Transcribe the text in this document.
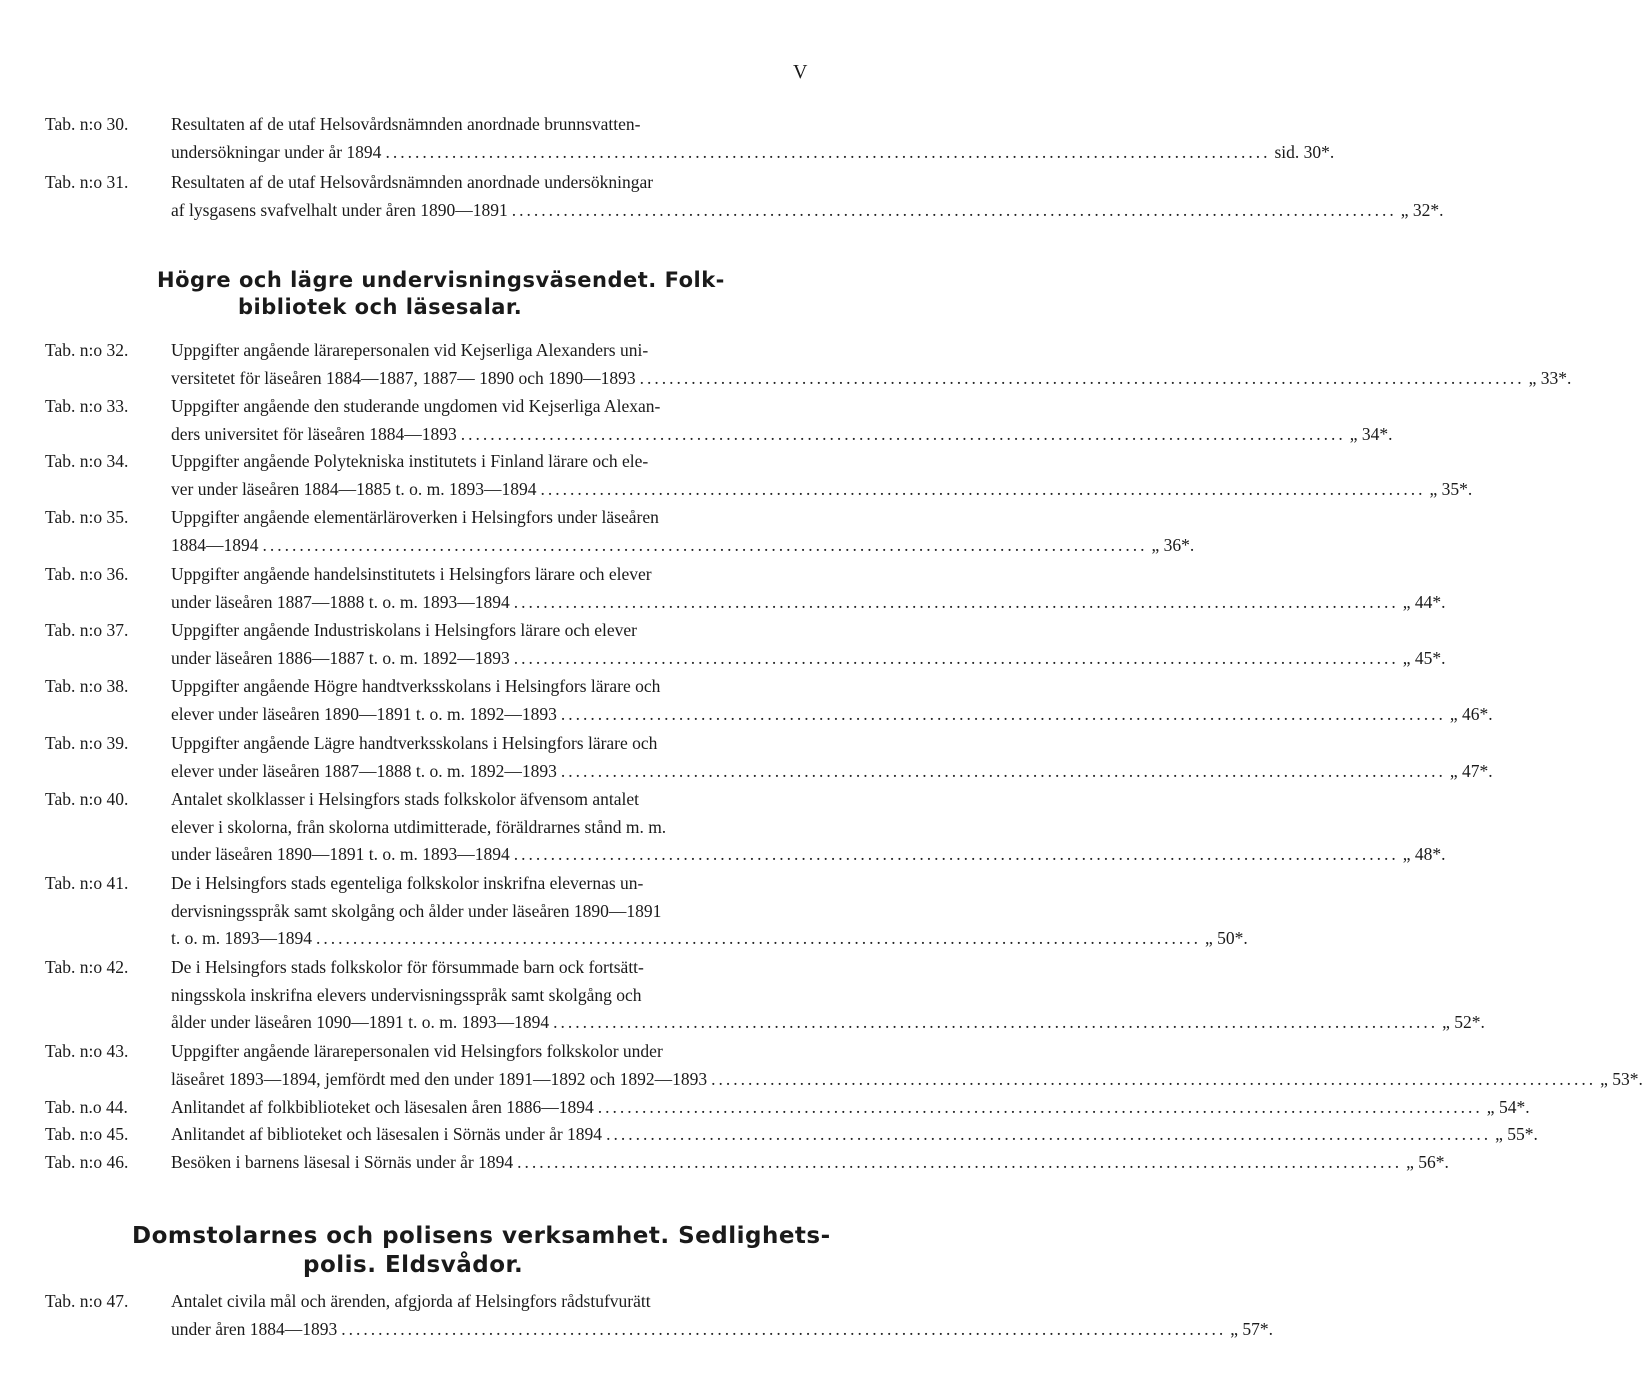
V
Högre och lägre undervisningsväsendet. Folk-
bibliotek och läsesalar.
Domstolarnes och polisens verksamhet. Sedlighets-
polis. Eldsvådor.
Tab. n:o 30. Resultaten af de utaf Helsovårdsnämnden anordnade brunnsvatten-
undersökningar under år 1894 ........................................................................................................................ sid. 30*.
Tab. n:o 31. Resultaten af de utaf Helsovårdsnämnden anordnade undersökningar
af lysgasens svafvelhalt under åren 1890—1891 ........................................................................................................................ „ 32*.
Tab. n:o 32. Uppgifter angående lärarepersonalen vid Kejserliga Alexanders uni-
versitetet för läseåren 1884—1887, 1887— 1890 och 1890—1893 ........................................................................................................................ „ 33*.
Tab. n:o 33. Uppgifter angående den studerande ungdomen vid Kejserliga Alexan-
ders universitet för läseåren 1884—1893 ........................................................................................................................ „ 34*.
Tab. n:o 34. Uppgifter angående Polytekniska institutets i Finland lärare och ele-
ver under läseåren 1884—1885 t. o. m. 1893—1894 ........................................................................................................................ „ 35*.
Tab. n:o 35. Uppgifter angående elementärläroverken i Helsingfors under läseåren
1884—1894 ........................................................................................................................ „ 36*.
Tab. n:o 36. Uppgifter angående handelsinstitutets i Helsingfors lärare och elever
under läseåren 1887—1888 t. o. m. 1893—1894 ........................................................................................................................ „ 44*.
Tab. n:o 37. Uppgifter angående Industriskolans i Helsingfors lärare och elever
under läseåren 1886—1887 t. o. m. 1892—1893 ........................................................................................................................ „ 45*.
Tab. n:o 38. Uppgifter angående Högre handtverksskolans i Helsingfors lärare och
elever under läseåren 1890—1891 t. o. m. 1892—1893 ........................................................................................................................ „ 46*.
Tab. n:o 39. Uppgifter angående Lägre handtverksskolans i Helsingfors lärare och
elever under läseåren 1887—1888 t. o. m. 1892—1893 ........................................................................................................................ „ 47*.
Tab. n:o 40. Antalet skolklasser i Helsingfors stads folkskolor äfvensom antalet
elever i skolorna, från skolorna utdimitterade, föräldrarnes stånd m. m.
under läseåren 1890—1891 t. o. m. 1893—1894 ........................................................................................................................ „ 48*.
Tab. n:o 41. De i Helsingfors stads egenteliga folkskolor inskrifna elevernas un-
dervisningsspråk samt skolgång och ålder under läseåren 1890—1891
t. o. m. 1893—1894 ........................................................................................................................ „ 50*.
Tab. n:o 42. De i Helsingfors stads folkskolor för försummade barn ock fortsätt-
ningsskola inskrifna elevers undervisningsspråk samt skolgång och
ålder under läseåren 1090—1891 t. o. m. 1893—1894 ........................................................................................................................ „ 52*.
Tab. n:o 43. Uppgifter angående lärarepersonalen vid Helsingfors folkskolor under
läseåret 1893—1894, jemfördt med den under 1891—1892 och 1892—1893 ........................................................................................................................ „ 53*.
Tab. n.o 44. Anlitandet af folkbiblioteket och läsesalen åren 1886—1894 ........................................................................................................................ „ 54*.
Tab. n:o 45. Anlitandet af biblioteket och läsesalen i Sörnäs under år 1894 ........................................................................................................................ „ 55*.
Tab. n:o 46. Besöken i barnens läsesal i Sörnäs under år 1894 ........................................................................................................................ „ 56*.
Tab. n:o 47. Antalet civila mål och ärenden, afgjorda af Helsingfors rådstufvurätt
under åren 1884—1893 ........................................................................................................................ „ 57*.
